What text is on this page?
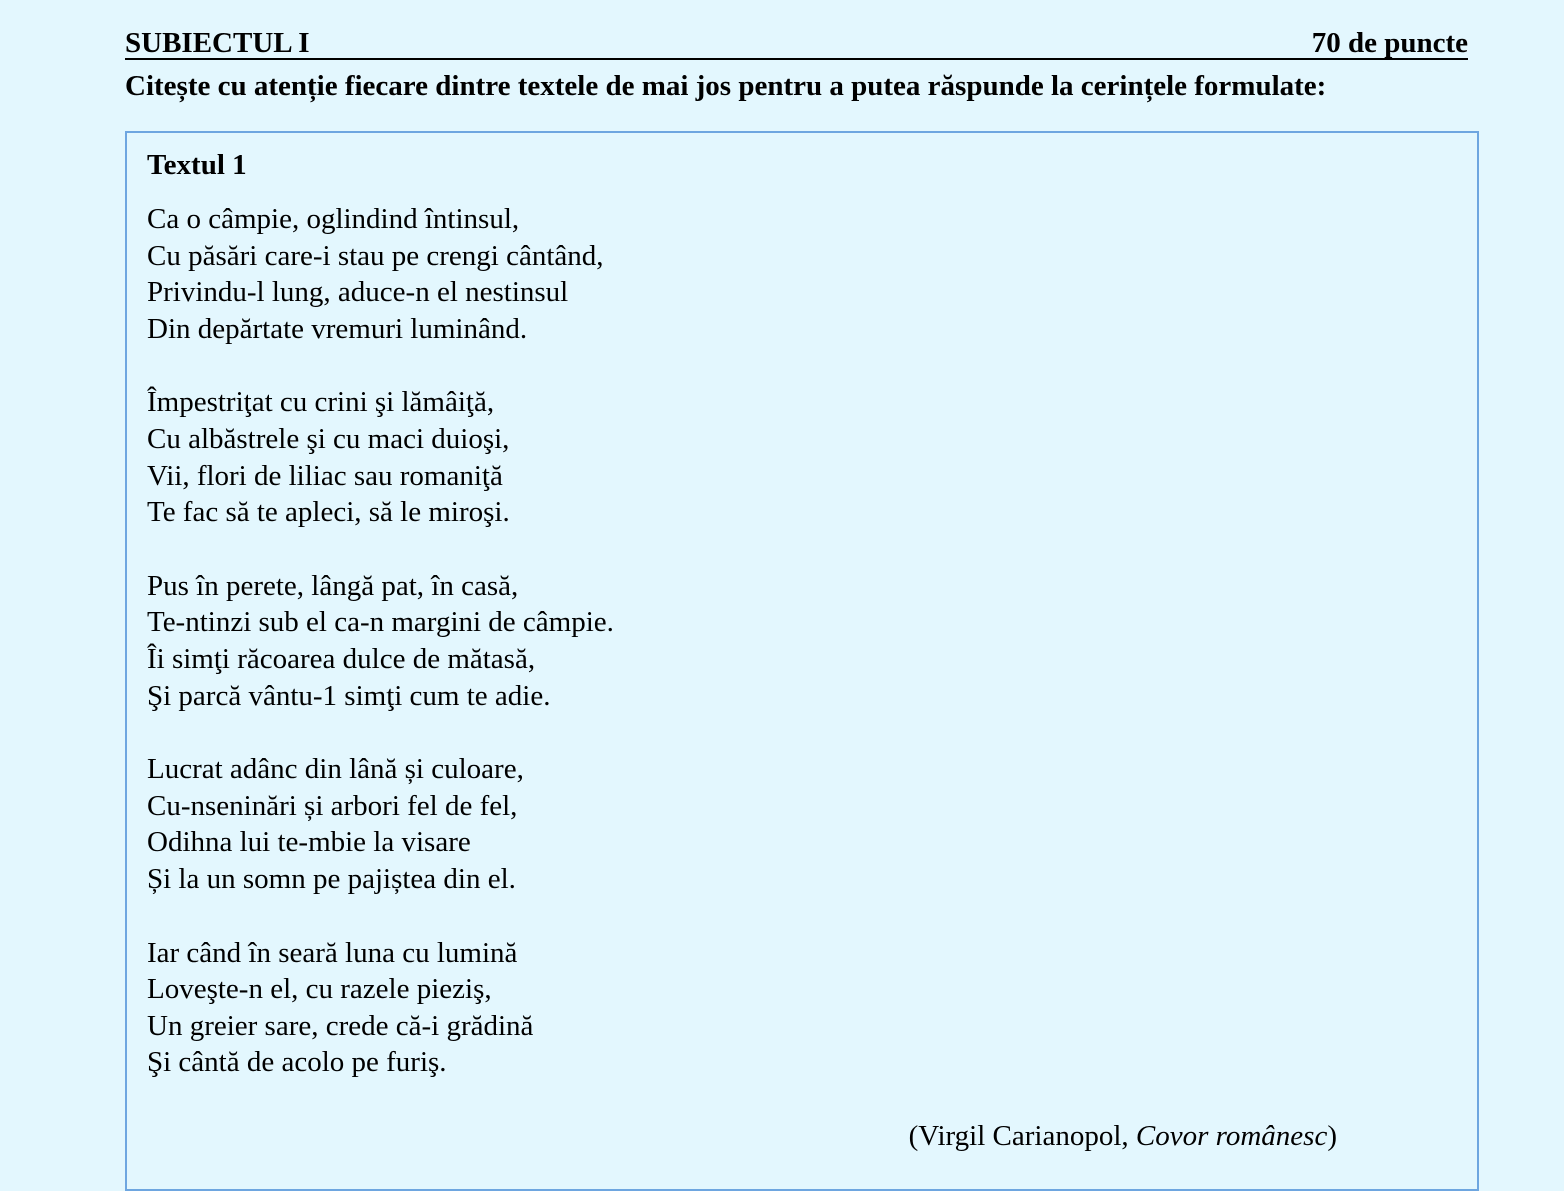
SUBIECTUL I	70 de puncte
Citește cu atenție fiecare dintre textele de mai jos pentru a putea răspunde la cerințele formulate:
Textul 1
Ca o câmpie, oglindind întinsul,
Cu păsări care-i stau pe crengi cântând,
Privindu-l lung, aduce-n el nestinsul
Din depărtate vremuri luminând.
Împestriţat cu crini şi lămâiţă,
Cu albăstrele şi cu maci duioşi,
Vii, flori de liliac sau romaniţă
Te fac să te apleci, să le miroşi.
Pus în perete, lângă pat, în casă,
Te-ntinzi sub el ca-n margini de câmpie.
Îi simţi răcoarea dulce de mătasă,
Şi parcă vântu-1 simţi cum te adie.
Lucrat adânc din lână și culoare,
Cu-nseninări și arbori fel de fel,
Odihna lui te-mbie la visare
Și la un somn pe pajiștea din el.
Iar când în seară luna cu lumină
Loveşte-n el, cu razele pieziş,
Un greier sare, crede că-i grădină
Şi cântă de acolo pe furiş.
(Virgil Carianopol, Covor românesc)
